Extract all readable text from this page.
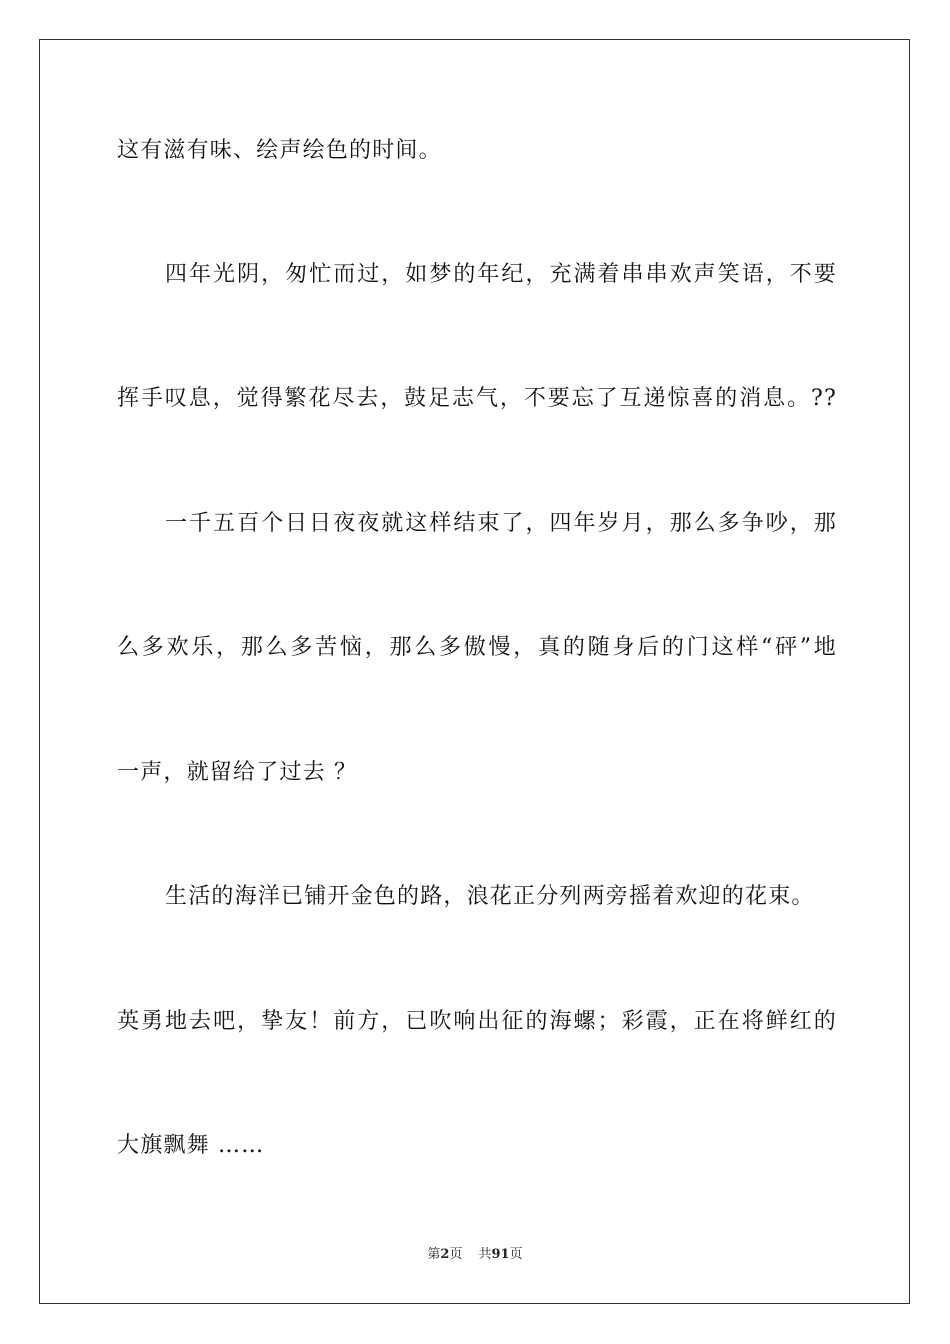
这有滋有味、绘声绘色的时间。
四年光阴，匆忙而过，如梦的年纪，充满着串串欢声笑语，不要
挥手叹息，觉得繁花尽去，鼓足志气，不要忘了互递惊喜的消息。??
一千五百个日日夜夜就这样结束了，四年岁月，那么多争吵，那
么多欢乐，那么多苦恼，那么多傲慢，真的随身后的门这样“砰”地
一声，就留给了过去 ？
生活的海洋已铺开金色的路，浪花正分列两旁摇着欢迎的花束。
英勇地去吧，挚友！前方，已吹响出征的海螺；彩霞，正在将鲜红的
大旗飘舞 ……
第2页 共91页
